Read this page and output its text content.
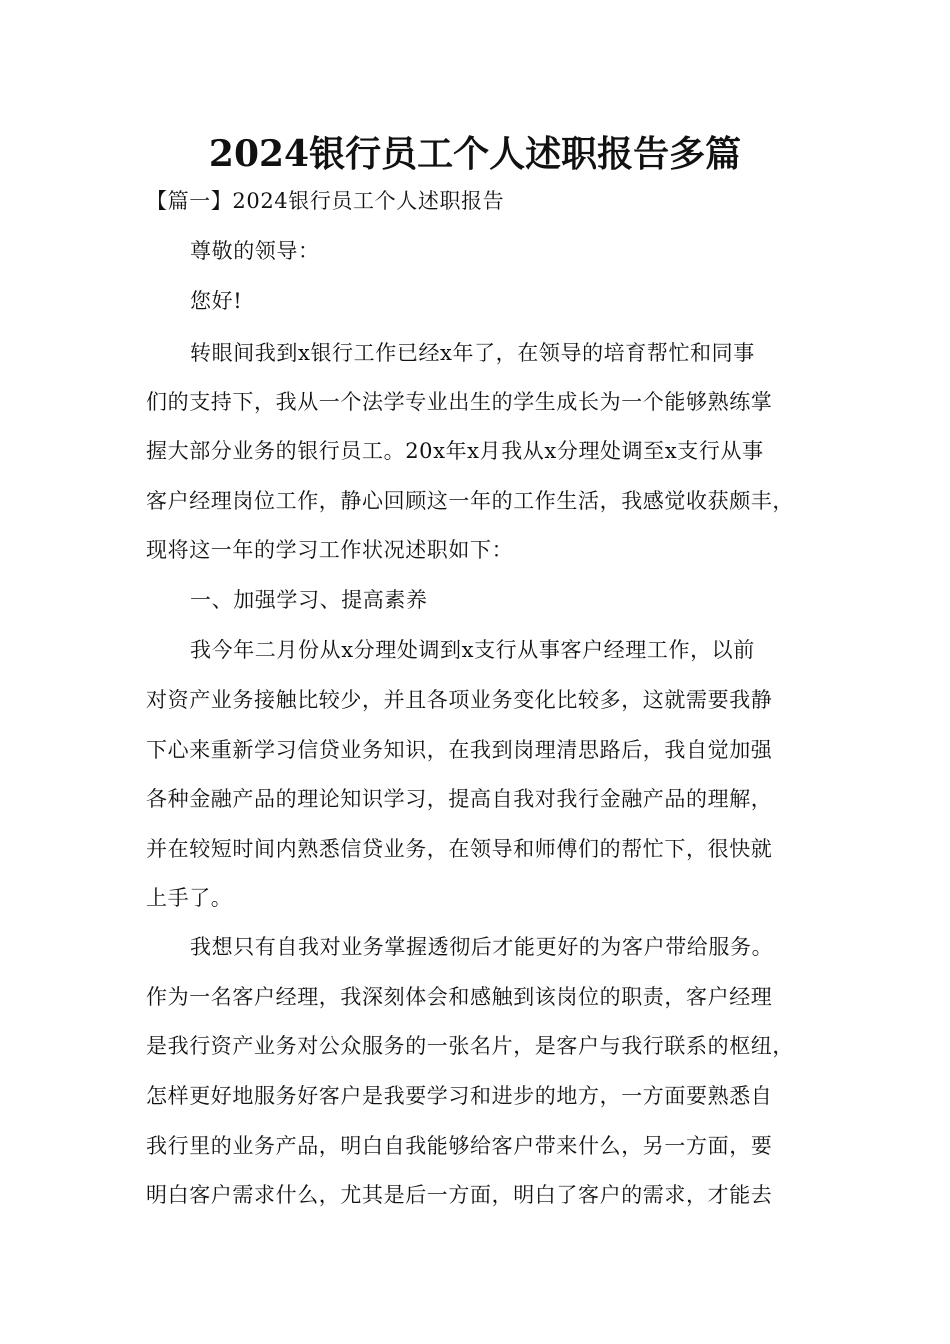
2024银行员工个人述职报告多篇
【篇一】2024银行员工个人述职报告
尊敬的领导：
您好!
转眼间我到x银行工作已经x年了，在领导的培育帮忙和同事
们的支持下，我从一个法学专业出生的学生成长为一个能够熟练掌
握大部分业务的银行员工。20x年x月我从x分理处调至x支行从事
客户经理岗位工作，静心回顾这一年的工作生活，我感觉收获颇丰，
现将这一年的学习工作状况述职如下：
一、加强学习、提高素养
我今年二月份从x分理处调到x支行从事客户经理工作，以前
对资产业务接触比较少，并且各项业务变化比较多，这就需要我静
下心来重新学习信贷业务知识，在我到岗理清思路后，我自觉加强
各种金融产品的理论知识学习，提高自我对我行金融产品的理解，
并在较短时间内熟悉信贷业务，在领导和师傅们的帮忙下，很快就
上手了。
我想只有自我对业务掌握透彻后才能更好的为客户带给服务。
作为一名客户经理，我深刻体会和感触到该岗位的职责，客户经理
是我行资产业务对公众服务的一张名片，是客户与我行联系的枢纽，
怎样更好地服务好客户是我要学习和进步的地方，一方面要熟悉自
我行里的业务产品，明白自我能够给客户带来什么，另一方面，要
明白客户需求什么，尤其是后一方面，明白了客户的需求，才能去
